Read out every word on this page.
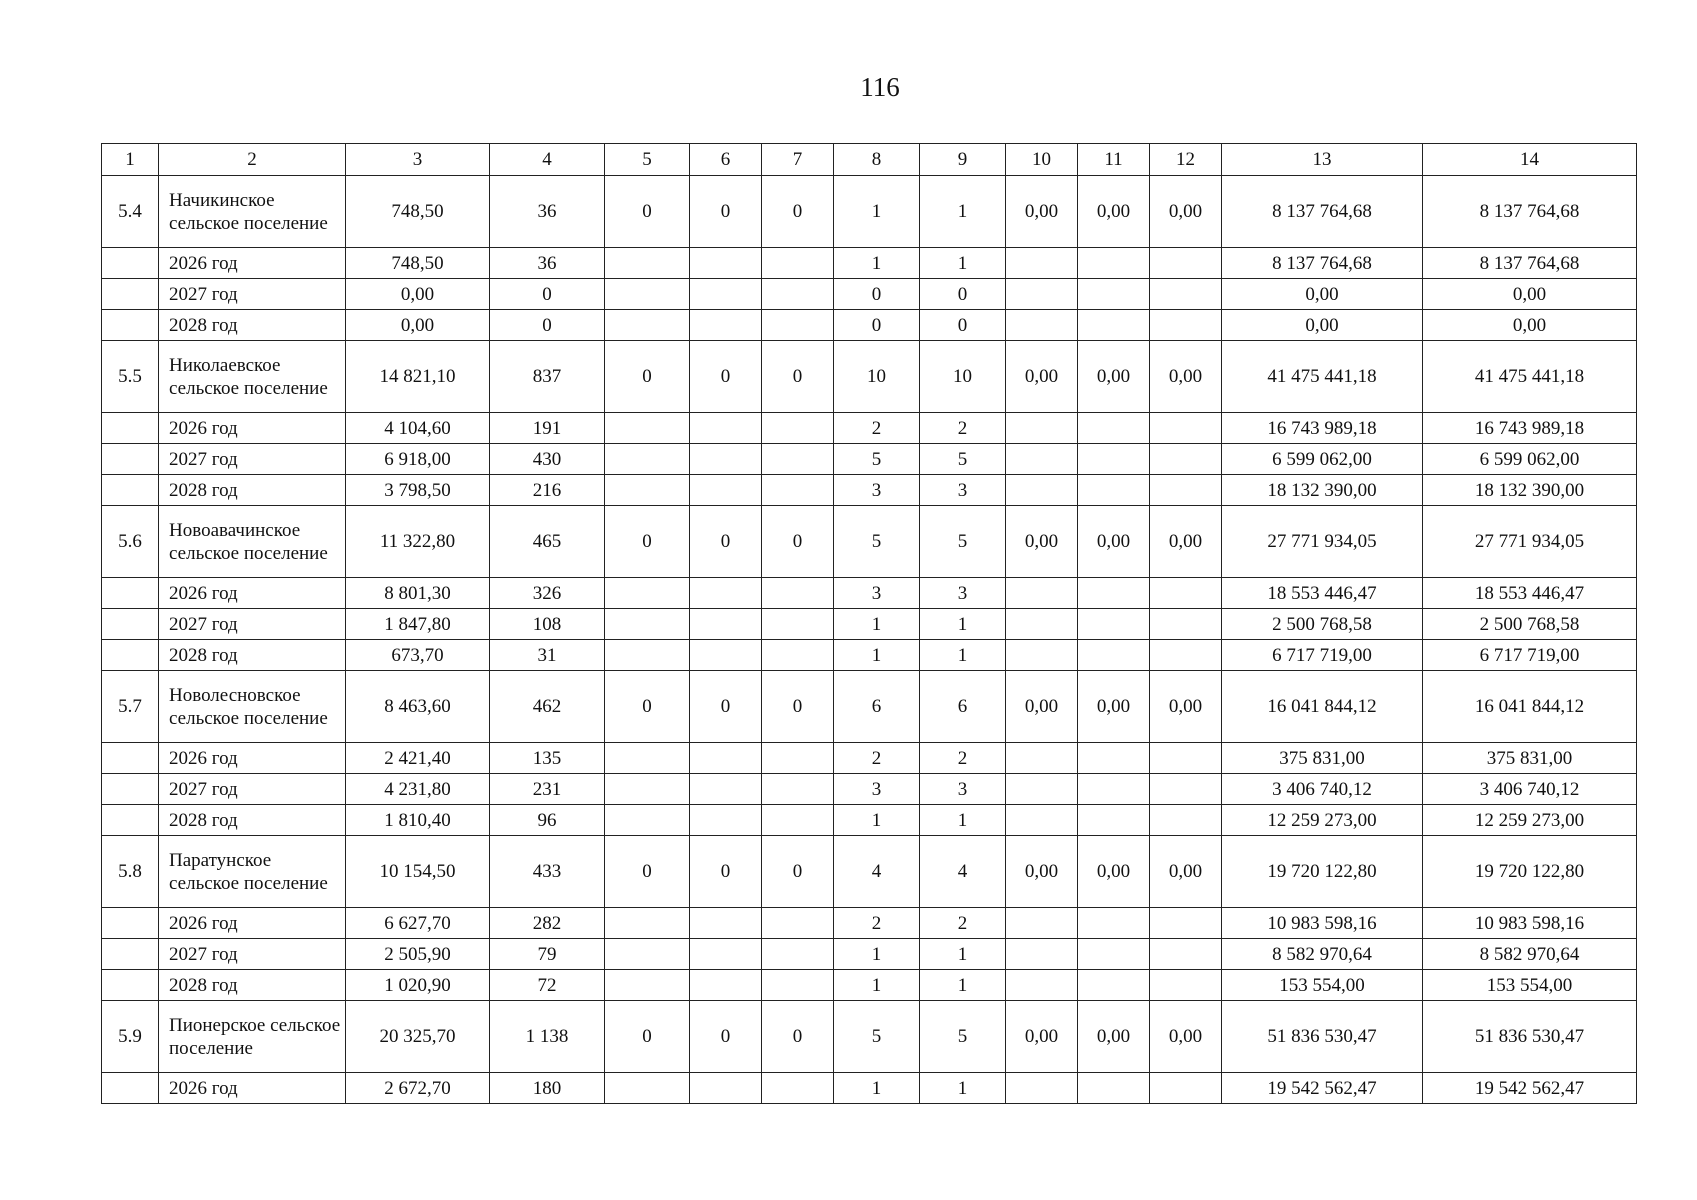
116
1	2	3	4	5	6	7	8	9	10	11	12	13	14
5.4	Начикинское сельское поселение	748,50	36	0	0	0	1	1	0,00	0,00	0,00	8 137 764,68	8 137 764,68
	2026 год	748,50	36				1	1				8 137 764,68	8 137 764,68
	2027 год	0,00	0				0	0				0,00	0,00
	2028 год	0,00	0				0	0				0,00	0,00
5.5	Николаевское сельское поселение	14 821,10	837	0	0	0	10	10	0,00	0,00	0,00	41 475 441,18	41 475 441,18
	2026 год	4 104,60	191				2	2				16 743 989,18	16 743 989,18
	2027 год	6 918,00	430				5	5				6 599 062,00	6 599 062,00
	2028 год	3 798,50	216				3	3				18 132 390,00	18 132 390,00
5.6	Новоавачинское сельское поселение	11 322,80	465	0	0	0	5	5	0,00	0,00	0,00	27 771 934,05	27 771 934,05
	2026 год	8 801,30	326				3	3				18 553 446,47	18 553 446,47
	2027 год	1 847,80	108				1	1				2 500 768,58	2 500 768,58
	2028 год	673,70	31				1	1				6 717 719,00	6 717 719,00
5.7	Новолесновское сельское поселение	8 463,60	462	0	0	0	6	6	0,00	0,00	0,00	16 041 844,12	16 041 844,12
	2026 год	2 421,40	135				2	2				375 831,00	375 831,00
	2027 год	4 231,80	231				3	3				3 406 740,12	3 406 740,12
	2028 год	1 810,40	96				1	1				12 259 273,00	12 259 273,00
5.8	Паратунское сельское поселение	10 154,50	433	0	0	0	4	4	0,00	0,00	0,00	19 720 122,80	19 720 122,80
	2026 год	6 627,70	282				2	2				10 983 598,16	10 983 598,16
	2027 год	2 505,90	79				1	1				8 582 970,64	8 582 970,64
	2028 год	1 020,90	72				1	1				153 554,00	153 554,00
5.9	Пионерское сельское поселение	20 325,70	1 138	0	0	0	5	5	0,00	0,00	0,00	51 836 530,47	51 836 530,47
	2026 год	2 672,70	180				1	1				19 542 562,47	19 542 562,47
